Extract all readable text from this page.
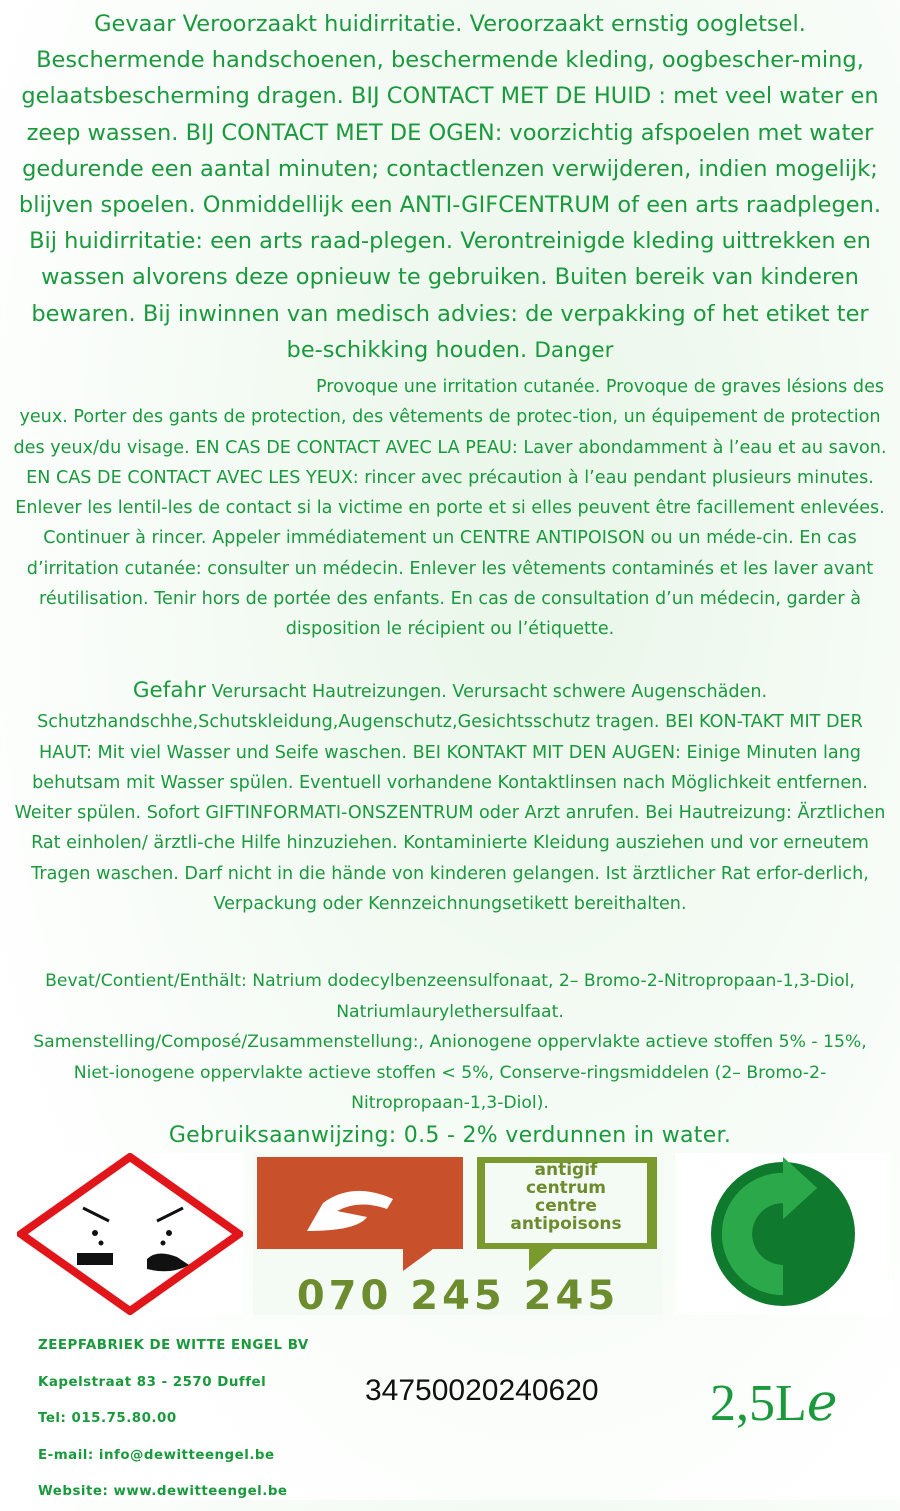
Gevaar Veroorzaakt huidirritatie. Veroorzaakt ernstig oogletsel. Beschermende handschoenen, beschermende kleding, oogbescher-ming, gelaatsbescherming dragen. BIJ CONTACT MET DE HUID : met veel water en zeep wassen. BIJ CONTACT MET DE OGEN: voorzichtig afspoelen met water gedurende een aantal minuten; contactlenzen verwijderen, indien mogelijk; blijven spoelen. Onmiddellijk een ANTI-GIFCENTRUM of een arts raadplegen. Bij huidirritatie: een arts raad-plegen. Verontreinigde kleding uittrekken en wassen alvorens deze opnieuw te gebruiken. Buiten bereik van kinderen bewaren. Bij inwinnen van medisch advies: de verpakking of het etiket ter be-schikking houden. Danger
Provoque une irritation cutanée. Provoque de graves lésions des yeux. Porter des gants de protection, des vêtements de protec-tion, un équipement de protection des yeux/du visage. EN CAS DE CONTACT AVEC LA PEAU: Laver abondamment à l’eau et au savon. EN CAS DE CONTACT AVEC LES YEUX: rincer avec précaution à l’eau pendant plusieurs minutes. Enlever les lentil-les de contact si la victime en porte et si elles peuvent être facillement enlevées. Continuer à rincer. Appeler immédiatement un CENTRE ANTIPOISON ou un méde-cin. En cas d’irritation cutanée: consulter un médecin. Enlever les vêtements contaminés et les laver avant réutilisation. Tenir hors de portée des enfants. En cas de consultation d’un médecin, garder à disposition le récipient ou l’étiquette.
Gefahr Verursacht Hautreizungen. Verursacht schwere Augenschäden. Schutzhandschhe,Schutskleidung,Augenschutz,Gesichtsschutz tragen. BEI KON-TAKT MIT DER HAUT: Mit viel Wasser und Seife waschen. BEI KONTAKT MIT DEN AUGEN: Einige Minuten lang behutsam mit Wasser spülen. Eventuell vorhandene Kontaktlinsen nach Möglichkeit entfernen. Weiter spülen. Sofort GIFTINFORMATI-ONSZENTRUM oder Arzt anrufen. Bei Hautreizung: Ärztlichen Rat einholen/ ärztli-che Hilfe hinzuziehen. Kontaminierte Kleidung ausziehen und vor erneutem Tragen waschen. Darf nicht in die hände von kinderen gelangen. Ist ärztlicher Rat erfor-derlich, Verpackung oder Kennzeichnungsetikett bereithalten.
Bevat/Contient/Enthält: Natrium dodecylbenzeensulfonaat, 2– Bromo-2-Nitropropaan-1,3-Diol, Natriumlaurylethersulfaat.
Samenstelling/Composé/Zusammenstellung:, Anionogene oppervlakte actieve stoffen 5% - 15%, Niet-ionogene oppervlakte actieve stoffen < 5%, Conserve-ringsmiddelen (2– Bromo-2-Nitropropaan-1,3-Diol).
Gebruiksaanwijzing: 0.5 - 2% verdunnen in water.
antigif
centrum
centre
antipoisons
070 245 245
ZEEPFABRIEK DE WITTE ENGEL BV
Kapelstraat 83 - 2570 Duffel
Tel: 015.75.80.00
E-mail: info@dewitteengel.be
Website: www.dewitteengel.be
34750020240620 2,5Lℯ
